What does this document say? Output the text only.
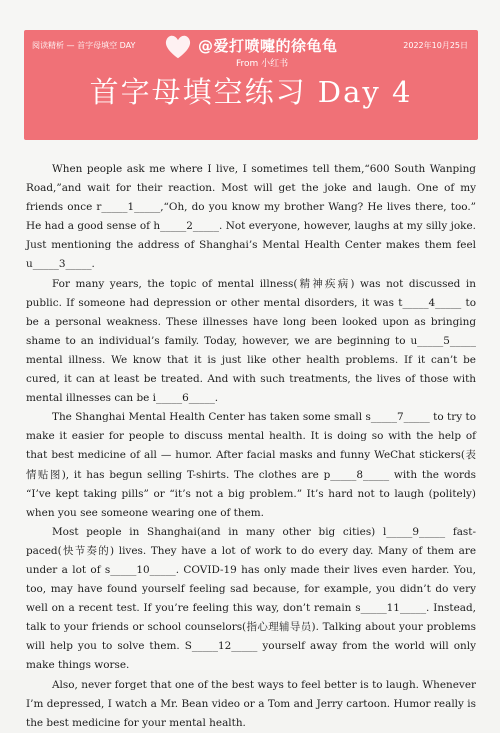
阅读精析 — 首字母填空 DAY	@爱打喷嚏的徐龟龟
From 小红书
2022年10月25日
首字母填空练习 Day 4

When people ask me where I live, I sometimes tell them,“600 South Wanping Road,”and wait for their reaction. Most will get the joke and laugh. One of my friends once r_____1_____,“Oh, do you know my brother Wang? He lives there, too.” He had a good sense of h_____2_____. Not everyone, however, laughs at my silly joke. Just mentioning the address of Shanghai’s Mental Health Center makes them feel u_____3_____.

For many years, the topic of mental illness(精神疾病) was not discussed in public. If someone had depression or other mental disorders, it was t_____4_____ to be a personal weakness. These illnesses have long been looked upon as bringing shame to an individual’s family. Today, however, we are beginning to u_____5_____ mental illness. We know that it is just like other health problems. If it can’t be cured, it can at least be treated. And with such treatments, the lives of those with mental illnesses can be i_____6_____.

The Shanghai Mental Health Center has taken some small s_____7_____ to try to make it easier for people to discuss mental health. It is doing so with the help of that best medicine of all — humor. After facial masks and funny WeChat stickers(表情贴图), it has begun selling T-shirts. The clothes are p_____8_____ with the words “I’ve kept taking pills” or “it’s not a big problem.” It’s hard not to laugh (politely) when you see someone wearing one of them.

Most people in Shanghai(and in many other big cities) l_____9_____ fast-paced(快节奏的) lives. They have a lot of work to do every day. Many of them are under a lot of s_____10_____. COVID-19 has only made their lives even harder. You, too, may have found yourself feeling sad because, for example, you didn’t do very well on a recent test. If you’re feeling this way, don’t remain s_____11_____. Instead, talk to your friends or school counselors(指心理辅导员). Talking about your problems will help you to solve them. S_____12_____ yourself away from the world will only make things worse.

Also, never forget that one of the best ways to feel better is to laugh. Whenever I’m depressed, I watch a Mr. Bean video or a Tom and Jerry cartoon. Humor really is the best medicine for your mental health.
